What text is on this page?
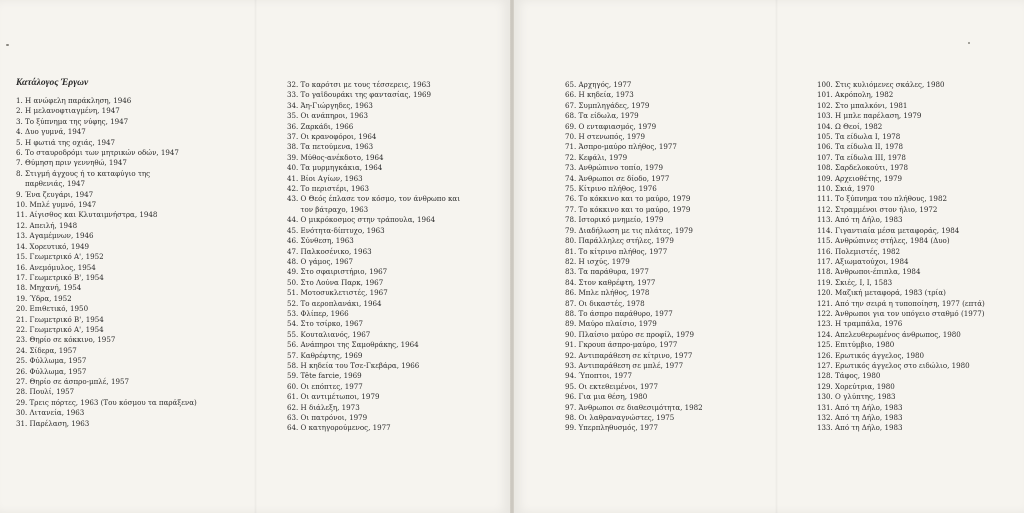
Κατάλογος Έργων
1. Η ανώφελη παράκληση, 1946
2. Η μελανοφτιαγμένη, 1947
3. Το ξύπνημα της νύφης, 1947
4. Δυο γυμνά, 1947
5. Η φωτιά της οχιάς, 1947
6. Το σταυροδρόμι των μητρικών οδών, 1947
7. Θύμηση πριν γεννηθώ, 1947
8. Στιγμή άγχους ή το καταφύγιο της
παρθενιάς, 1947
9. Ένα ζευγάρι, 1947
10. Μπλέ γυμνό, 1947
11. Αίγισθος και Κλυταιμνήστρα, 1948
12. Απειλή, 1948
13. Αγαμέμνων, 1946
14. Χορευτικό, 1949
15. Γεωμετρικό Α', 1952
16. Ανεμόμυλος, 1954
17. Γεωμετρικό Β', 1954
18. Μηχανή, 1954
19. Ύδρα, 1952
20. Επιθετικό, 1950
21. Γεωμετρικό Β', 1954
22. Γεωμετρικό Α', 1954
23. Θηρίο σε κόκκινο, 1957
24. Σίδερα, 1957
25. Φύλλωμα, 1957
26. Φύλλωμα, 1957
27. Θηρίο σε άσπρο-μπλέ, 1957
28. Πουλί, 1957
29. Τρεις πόρτες, 1963 (Του κόσμου τα παράξενα)
30. Λιτανεία, 1963
31. Παρέλαση, 1963
32. Το καρότσι με τους τέσσερεις, 1963
33. Το γαϊδουράκι της φαντασίας, 1969
34. Άη-Γιώργηδες, 1963
35. Οι ανάπηροι, 1963
36. Ζαρκάδι, 1966
37. Οι κρανοφόροι, 1964
38. Τα πετούμενα, 1963
39. Μύθος-ανέκδοτο, 1964
40. Τα μυρμηγκάκια, 1964
41. Βίοι Αγίων, 1963
42. Το περιστέρι, 1963
43. Ο Θεός έπλασε τον κόσμο, τον άνθρωπο και
τον βάτραχο, 1963
44. Ο μικρόκοσμος στην τράπουλα, 1964
45. Ενότητα-δίπτυχο, 1963
46. Σύνθεση, 1963
47. Παλκοσένικο, 1963
48. Ο γάμος, 1967
49. Στο σφαιριστήριο, 1967
50. Στο Λούνα Παρκ, 1967
51. Μοτοσυκλετιστές, 1967
52. Το αεροπλανάκι, 1964
53. Φλίπερ, 1966
54. Στο τσίρκο, 1967
55. Κουταλιανός, 1967
56. Ανάπηροι της Σαμοθράκης, 1964
57. Καθρέφτης, 1969
58. Η κηδεία του Τσε-Γκεβάρα, 1966
59. Tête farcie, 1969
60. Οι επόπτες, 1977
61. Οι αντιμέτωποι, 1979
62. Η διάλεξη, 1973
63. Οι πατρόνοι, 1979
64. Ο κατηγορούμενος, 1977
65. Αρχηγός, 1977
66. Η κηδεία, 1973
67. Συμπληγάδες, 1979
68. Τα είδωλα, 1979
69. Ο ενταφιασμός, 1979
70. Η στενωπός, 1979
71. Άσπρο-μαύρο πλήθος, 1977
72. Κεφάλι, 1979
73. Ανθρώπινο τοπίο, 1979
74. Άνθρωποι σε δίοδο, 1977
75. Κίτρινο πλήθος, 1976
76. Το κόκκινο και το μαύρο, 1979
77. Το κόκκινο και το μαύρο, 1979
78. Ιστορικό μνημείο, 1979
79. Διαδήλωση με τις πλάτες, 1979
80. Παράλληλες στήλες, 1979
81. Το κίτρινο πλήθος, 1977
82. Η ισχύς, 1979
83. Τα παράθυρα, 1977
84. Στον καθρέφτη, 1977
86. Μπλε πλήθος, 1978
87. Οι δικαστές, 1978
88. Το άσπρο παράθυρο, 1977
89. Μαύρο πλαίσιο, 1979
90. Πλαίσιο μαύρο σε προφίλ, 1979
91. Γκρουπ άσπρο-μαύρο, 1977
92. Αντιπαράθεση σε κίτρινο, 1977
93. Αντιπαράθεση σε μπλέ, 1977
94. Ύποπτοι, 1977
95. Οι εκτεθειμένοι, 1977
96. Για μια θέση, 1980
97. Άνθρωποι σε διαθεσιμότητα, 1982
98. Οι λαθραναγνώστες, 1975
99. Υπερπληθυσμός, 1977
100. Στις κυλιόμενες σκάλες, 1980
101. Ακρόπολη, 1982
102. Στο μπαλκόνι, 1981
103. Η μπλε παρέλαση, 1979
104. Ω Θεοί, 1982
105. Τα είδωλα I, 1978
106. Τα είδωλα II, 1978
107. Τα είδωλα III, 1978
108. Σαρδελοκούτι, 1978
109. Αρχειοθέτης, 1979
110. Σκιά, 1970
111. Το ξύπνημα του πλήθους, 1982
112. Στραμμένοι στον ήλιο, 1972
113. Από τη Δήλο, 1983
114. Γιγαντιαία μέσα μεταφοράς, 1984
115. Ανθρώπινες στήλες, 1984 (Δυο)
116. Πολεμιστές, 1982
117. Αξιωματούχοι, 1984
118. Άνθρωποι-έπιπλα, 1984
119. Σκιές, I, I, 1583
120. Μαζική μεταφορά, 1983 (τρία)
121. Από την σειρά η τυποποίηση, 1977 (επτά)
122. Άνθρωποι για τον υπόγειο σταθμό (1977)
123. Η τραμπάλα, 1976
124. Απελευθερωμένος άνθρωπος, 1980
125. Επιτύμβιο, 1980
126. Ερωτικός άγγελος, 1980
127. Ερωτικός άγγελος στο ειδώλιο, 1980
128. Τάφος, 1980
129. Χορεύτρια, 1980
130. Ο γλύπτης, 1983
131. Από τη Δήλο, 1983
132. Από τη Δήλο, 1983
133. Από τη Δήλο, 1983
